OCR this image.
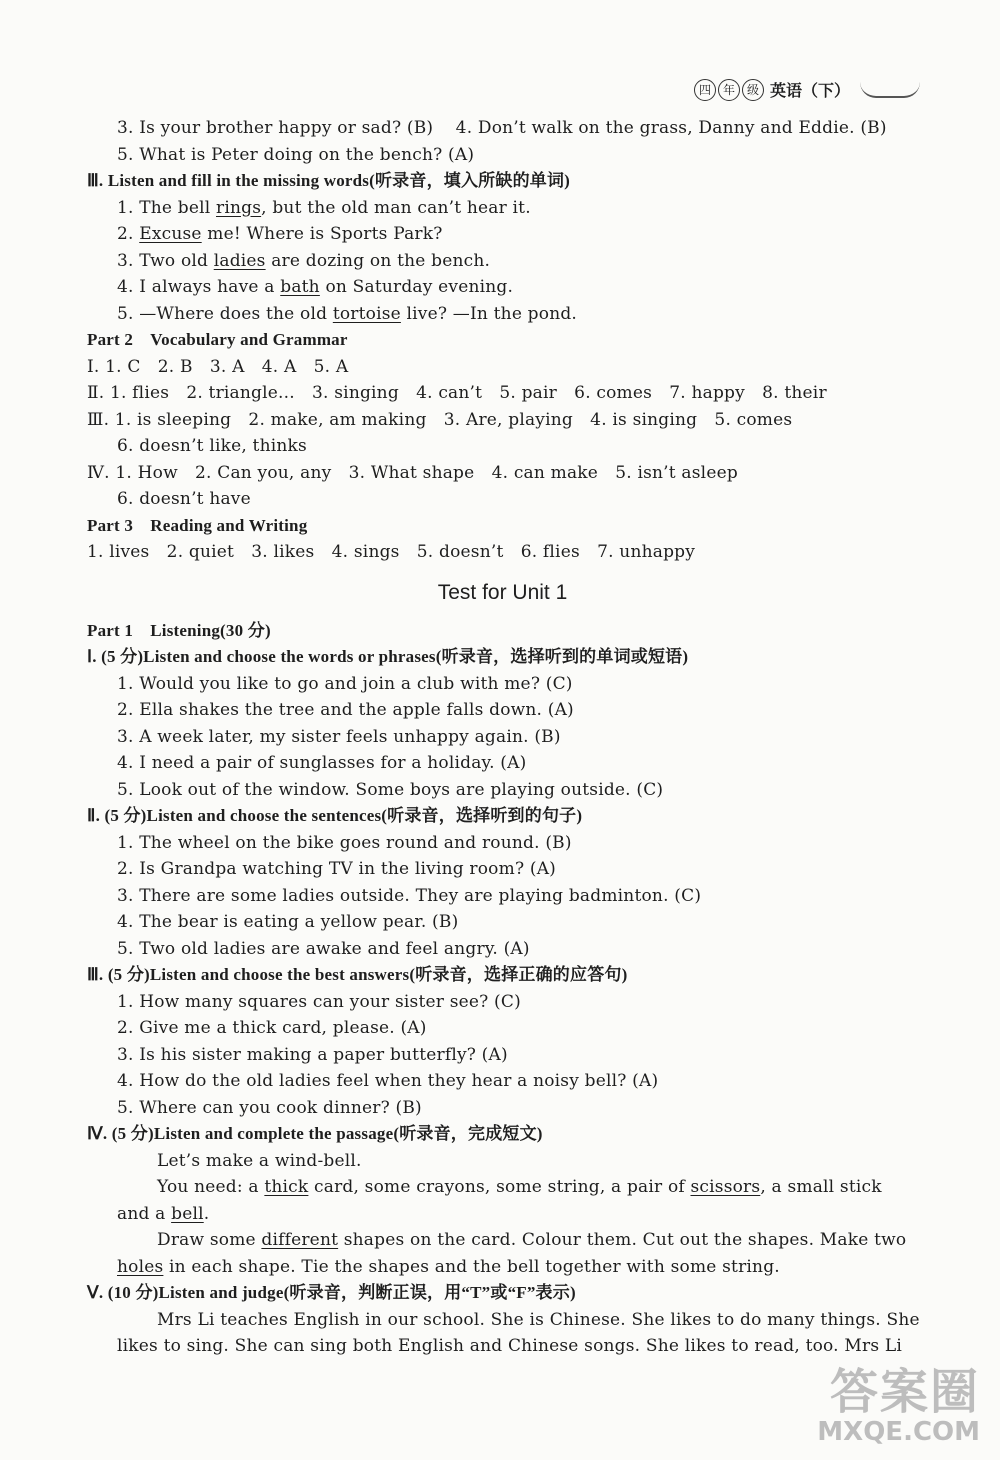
四 年 级 英语（下）
3. Is your brother happy or sad? (B) 4. Don’t walk on the grass, Danny and Eddie. (B)
5. What is Peter doing on the bench? (A)
Ⅲ. Listen and fill in the missing words(听录音，填入所缺的单词)
1. The bell rings, but the old man can’t hear it.
2. Excuse me! Where is Sports Park?
3. Two old ladies are dozing on the bench.
4. I always have a bath on Saturday evening.
5. —Where does the old tortoise live? —In the pond.
Part 2　Vocabulary and Grammar
Ⅰ. 1. C　2. B　3. A　4. A　5. A
Ⅱ. 1. flies　2. triangle...　3. singing　4. can’t　5. pair　6. comes　7. happy　8. their
Ⅲ. 1. is sleeping　2. make, am making　3. Are, playing　4. is singing　5. comes
6. doesn’t like, thinks
Ⅳ. 1. How　2. Can you, any　3. What shape　4. can make　5. isn’t asleep
6. doesn’t have
Part 3　Reading and Writing
1. lives　2. quiet　3. likes　4. sings　5. doesn’t　6. flies　7. unhappy
Test for Unit 1
Part 1　Listening(30 分)
Ⅰ. (5 分)Listen and choose the words or phrases(听录音，选择听到的单词或短语)
1. Would you like to go and join a club with me? (C)
2. Ella shakes the tree and the apple falls down. (A)
3. A week later, my sister feels unhappy again. (B)
4. I need a pair of sunglasses for a holiday. (A)
5. Look out of the window. Some boys are playing outside. (C)
Ⅱ. (5 分)Listen and choose the sentences(听录音，选择听到的句子)
1. The wheel on the bike goes round and round. (B)
2. Is Grandpa watching TV in the living room? (A)
3. There are some ladies outside. They are playing badminton. (C)
4. The bear is eating a yellow pear. (B)
5. Two old ladies are awake and feel angry. (A)
Ⅲ. (5 分)Listen and choose the best answers(听录音，选择正确的应答句)
1. How many squares can your sister see? (C)
2. Give me a thick card, please. (A)
3. Is his sister making a paper butterfly? (A)
4. How do the old ladies feel when they hear a noisy bell? (A)
5. Where can you cook dinner? (B)
Ⅳ. (5 分)Listen and complete the passage(听录音，完成短文)
Let’s make a wind-bell.
You need: a thick card, some crayons, some string, a pair of scissors, a small stick
and a bell.
Draw some different shapes on the card. Colour them. Cut out the shapes. Make two
holes in each shape. Tie the shapes and the bell together with some string.
Ⅴ. (10 分)Listen and judge(听录音，判断正误，用“T”或“F”表示)
Mrs Li teaches English in our school. She is Chinese. She likes to do many things. She
likes to sing. She can sing both English and Chinese songs. She likes to read, too. Mrs Li
答案圈
MXQE.COM
